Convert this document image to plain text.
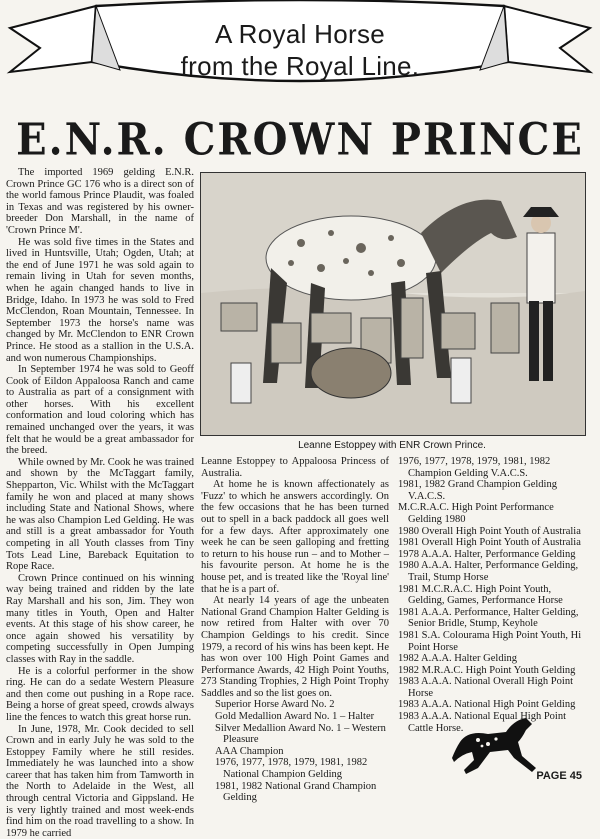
A Royal Horse
from the Royal Line.
E.N.R. CROWN PRINCE
Leanne Estoppey with ENR Crown Prince.

The imported 1969 gelding E.N.R. Crown Prince GC 176 who is a direct son of the world famous Prince Plaudit, was foaled in Texas and was registered by his owner-breeder Don Marshall, in the name of 'Crown Prince M'.

He was sold five times in the States and lived in Huntsville, Utah; Ogden, Utah; at the end of June 1971 he was sold again to remain living in Utah for seven months, when he again changed hands to live in Bridge, Idaho. In 1973 he was sold to Fred McClendon, Roan Mountain, Tennessee. In September 1973 the horse's name was changed by Mr. McClendon to ENR Crown Prince. He stood as a stallion in the U.S.A. and won numerous Championships.

In September 1974 he was sold to Geoff Cook of Eildon Appaloosa Ranch and came to Australia as part of a consignment with other horses. With his excellent conformation and loud coloring which has remained unchanged over the years, it was felt that he would be a great ambassador for the breed.

While owned by Mr. Cook he was trained and shown by the McTaggart family, Shepparton, Vic. Whilst with the McTaggart family he won and placed at many shows including State and National Shows, where he was also Champion Led Gelding. He was and still is a great ambassador for Youth competing in all Youth classes from Tiny Tots Lead Line, Bareback Equitation to Rope Race.

Crown Prince continued on his winning way being trained and ridden by the late Ray Marshall and his son, Jim. They won many titles in Youth, Open and Halter events. At this stage of his show career, he once again showed his versatility by competing successfully in Open Jumping classes with Ray in the saddle.

He is a colorful performer in the show ring. He can do a sedate Western Pleasure and then come out pushing in a Rope race. Being a horse of great speed, crowds always line the fences to watch this great horse run.

In June, 1978, Mr. Cook decided to sell Crown and in early July he was sold to the Estoppey Family where he still resides. Immediately he was launched into a show career that has taken him from Tamworth in the North to Adelaide in the West, all through central Victoria and Gippsland. He is very lightly trained and most week-ends find him on the road travelling to a show. In 1979 he carried

Leanne Estoppey to Appaloosa Princess of Australia.

At home he is known affectionately as 'Fuzz' to which he answers accordingly. On the few occasions that he has been turned out to spell in a back paddock all goes well for a few days. After approximately one week he can be seen galloping and fretting to return to his house run – and to Mother – his favourite person. At home he is the house pet, and is treated like the 'Royal line' that he is a part of.

At nearly 14 years of age the unbeaten National Grand Champion Halter Gelding is now retired from Halter with over 70 Champion Geldings to his credit. Since 1979, a record of his wins has been kept. He has won over 100 High Point Games and Performance Awards, 42 High Point Youths, 273 Standing Trophies, 2 High Point Trophy Saddles and so the list goes on.

Superior Horse Award No. 2
Gold Medallion Award No. 1 – Halter
Silver Medallion Award No. 1 – Western Pleasure
AAA Champion
1976, 1977, 1978, 1979, 1981, 1982 National Champion Gelding
1981, 1982 National Grand Champion Gelding
1976, 1977, 1978, 1979, 1981, 1982 Champion Gelding V.A.C.S.
1981, 1982 Grand Champion Gelding V.A.C.S.
M.C.R.A.C. High Point Performance Gelding 1980
1980 Overall High Point Youth of Australia
1981 Overall High Point Youth of Australia
1978 A.A.A. Halter, Performance Gelding
1980 A.A.A. Halter, Performance Gelding, Trail, Stump Horse
1981 M.C.R.A.C. High Point Youth, Gelding, Games, Performance Horse
1981 A.A.A. Performance, Halter Gelding, Senior Bridle, Stump, Keyhole
1981 S.A. Colourama High Point Youth, Hi Point Horse
1982 A.A.A. Halter Gelding
1982 M.R.A.C. High Point Youth Gelding
1983 A.A.A. National Overall High Point Horse
1983 A.A.A. National High Point Gelding
1983 A.A.A. National Equal High Point Cattle Horse.
PAGE 45
